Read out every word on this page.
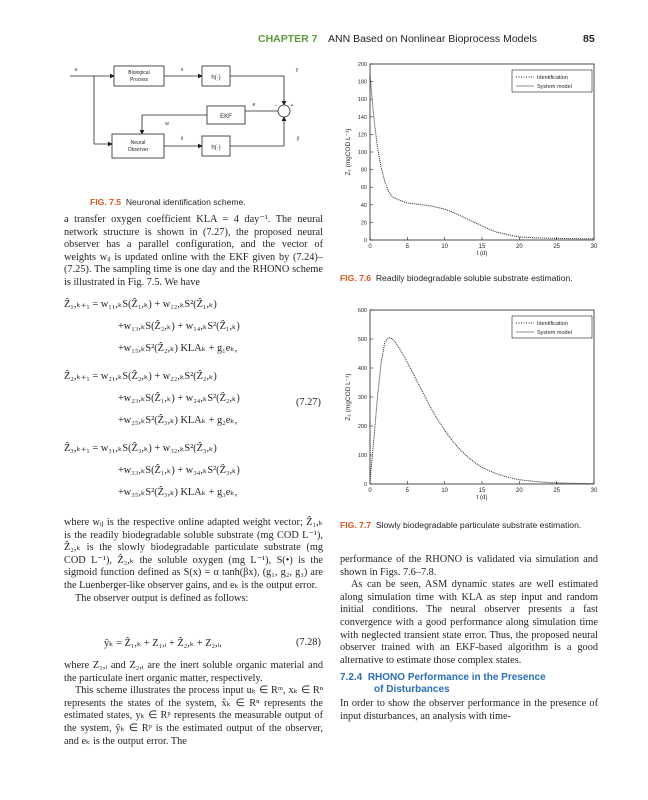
CHAPTER 7 ANN Based on Nonlinear Bioprocess Models	85
u	Biological
Process
x
h(·)
y
EKF
e
w
Neural
Observer
x̂
h(·)
ŷ
−	+
FIG. 7.5 Neuronal identification scheme.

a transfer oxygen coefficient KLA = 4 day⁻¹. The neural network structure is shown in (7.27), the proposed neural observer has a parallel configuration, and the vector of weights wᵢⱼ is updated online with the EKF given by (7.24)–(7.25). The sampling time is one day and the RHONO scheme is illustrated in Fig. 7.5. We have

Ẑ₁,ₖ₊₁ = w₁₁,ₖS(Ẑ₁,ₖ) + w₁₂,ₖS²(Ẑ₁,ₖ)
+w₁₃,ₖS(Ẑ₂,ₖ) + w₁₄,ₖS²(Ẑ₁,ₖ)
+w₁₅,ₖS²(Ẑ₂,ₖ) KLAₖ + g₁eₖ,
Ẑ₂,ₖ₊₁ = w₂₁,ₖS(Ẑ₂,ₖ) + w₂₂,ₖS²(Ẑ₂,ₖ)
+w₂₃,ₖS(Ẑ₁,ₖ) + w₂₄,ₖS²(Ẑ₂,ₖ)
+w₂₅,ₖS²(Ẑ₃,ₖ) KLAₖ + g₂eₖ,
Ẑ₃,ₖ₊₁ = w₃₁,ₖS(Ẑ₃,ₖ) + w₃₂,ₖS²(Ẑ₃,ₖ)
+w₃₃,ₖS(Ẑ₁,ₖ) + w₃₄,ₖS²(Ẑ₃,ₖ)
+w₃₅,ₖS²(Ẑ₃,ₖ) KLAₖ + g₃eₖ,
(7.27)

where wᵢⱼ is the respective online adapted weight vector; Ẑ₁,ₖ is the readily biodegradable soluble substrate (mg COD L⁻¹), Ẑ₂,ₖ is the slowly biodegradable particulate substrate (mg COD L⁻¹), Ẑ₃,ₖ the soluble oxygen (mg L⁻¹), S(•) is the sigmoid function defined as S(x) = α tanh(βx), (g₁, g₂, g₃) are the Luenberger-like observer gains, and eₖ is the output error.

The observer output is defined as follows:

ŷₖ = Ẑ₁,ₖ + Z₁,ᵢ + Ẑ₂,ₖ + Z₂,ᵢ,	(7.28)

where Z₁,ᵢ and Z₂,ᵢ are the inert soluble organic material and the particulate inert organic matter, respectively.

This scheme illustrates the process input uₖ ∈ Rᵐ, xₖ ∈ Rⁿ represents the states of the system, x̂ₖ ∈ Rⁿ represents the estimated states, yₖ ∈ Rᵖ represents the measurable output of the system, ŷₖ ∈ Rᵖ is the estimated output of the observer, and eₖ is the output error. The

0	5	10	15	20	25	30
0
20
40
60
80
100
120
140
160
180
200
t (d)
Z₁ (mgCOD L⁻¹)
Identification
System model
FIG. 7.6 Readily biodegradable soluble substrate estimation.
0	5	10	15	20	25	30
0
100
200
300
400
500
600
t (d)
Z₂ (mgCOD L⁻¹)
Identification
System model
FIG. 7.7 Slowly biodegradable particulate substrate estimation.

performance of the RHONO is validated via simulation and shown in Figs. 7.6–7.8.

As can be seen, ASM dynamic states are well estimated along simulation time with KLA as step input and random initial conditions. The neural observer presents a fast convergence with a good performance along simulation time with neglected transient state error. Thus, the proposed neural observer trained with an EKF-based algorithm is a good alternative to estimate those complex states.

7.2.4 RHONO Performance in the Presence
of Disturbances

In order to show the observer performance in the presence of input disturbances, an analysis with time-
